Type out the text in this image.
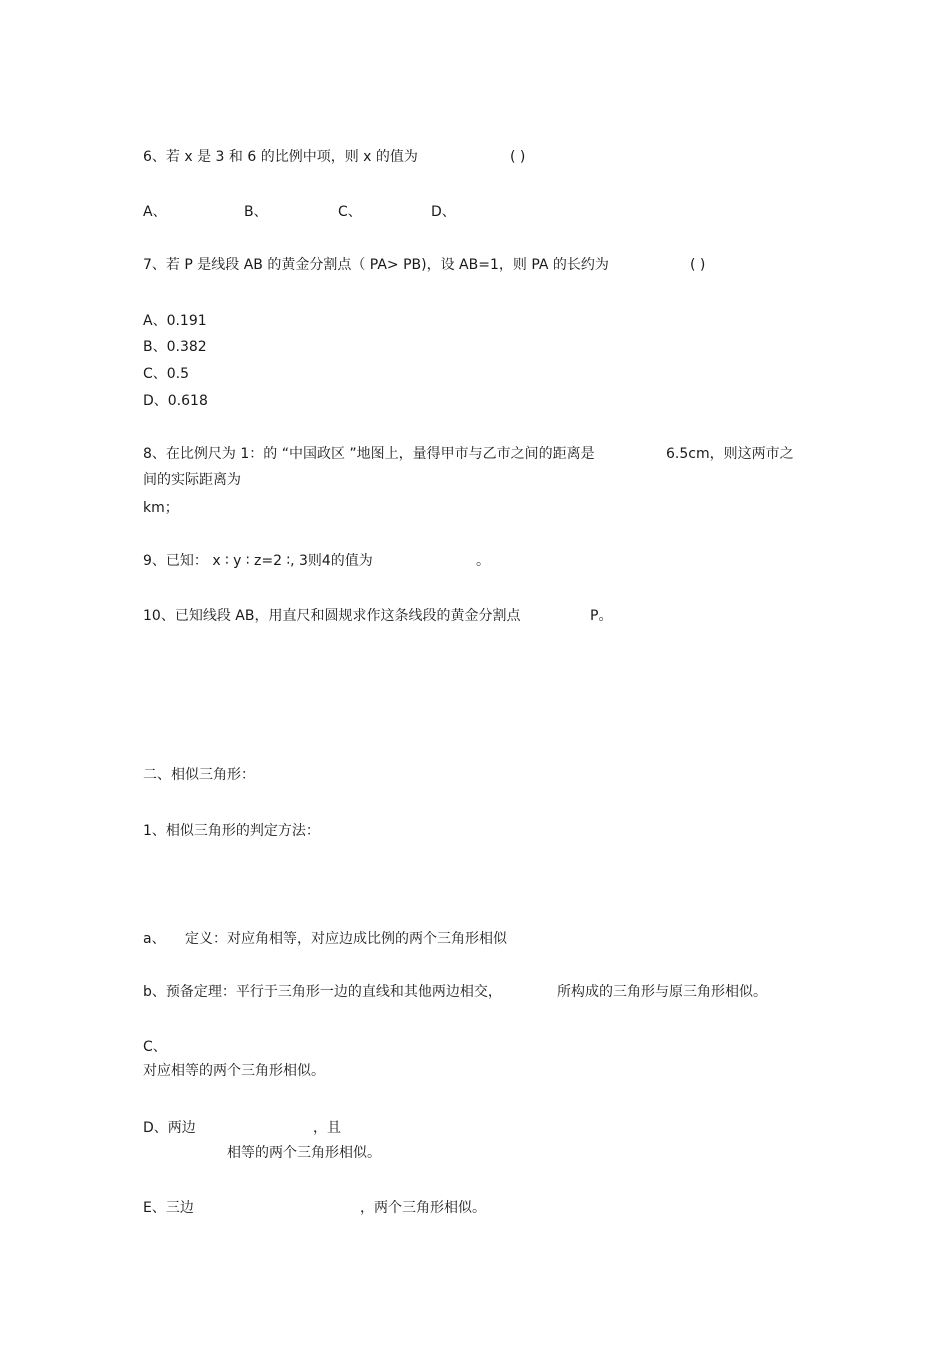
6、若 x 是 3 和 6 的比例中项，则 x 的值为	( )
A、	B、	C、	D、
7、若 P 是线段 AB 的黄金分割点（ PA> PB)，设 AB=1，则 PA 的长约为	( )
A、0.191
B、0.382
C、0.5
D、0.618
8、在比例尺为 1：的 “中国政区 ”地图上，量得甲市与乙市之间的距离是	6.5cm，则这两市之
间的实际距离为
km；
9、已知： x ∶ y ∶ z=2 ∶, 3则4的值为	。
10、已知线段 AB，用直尺和圆规求作这条线段的黄金分割点	P。
二、相似三角形：
1、相似三角形的判定方法：
a、 定义：对应角相等，对应边成比例的两个三角形相似
b、预备定理：平行于三角形一边的直线和其他两边相交，	所构成的三角形与原三角形相似。
C、
对应相等的两个三角形相似。
D、两边	，且
相等的两个三角形相似。
E、三边	，两个三角形相似。
